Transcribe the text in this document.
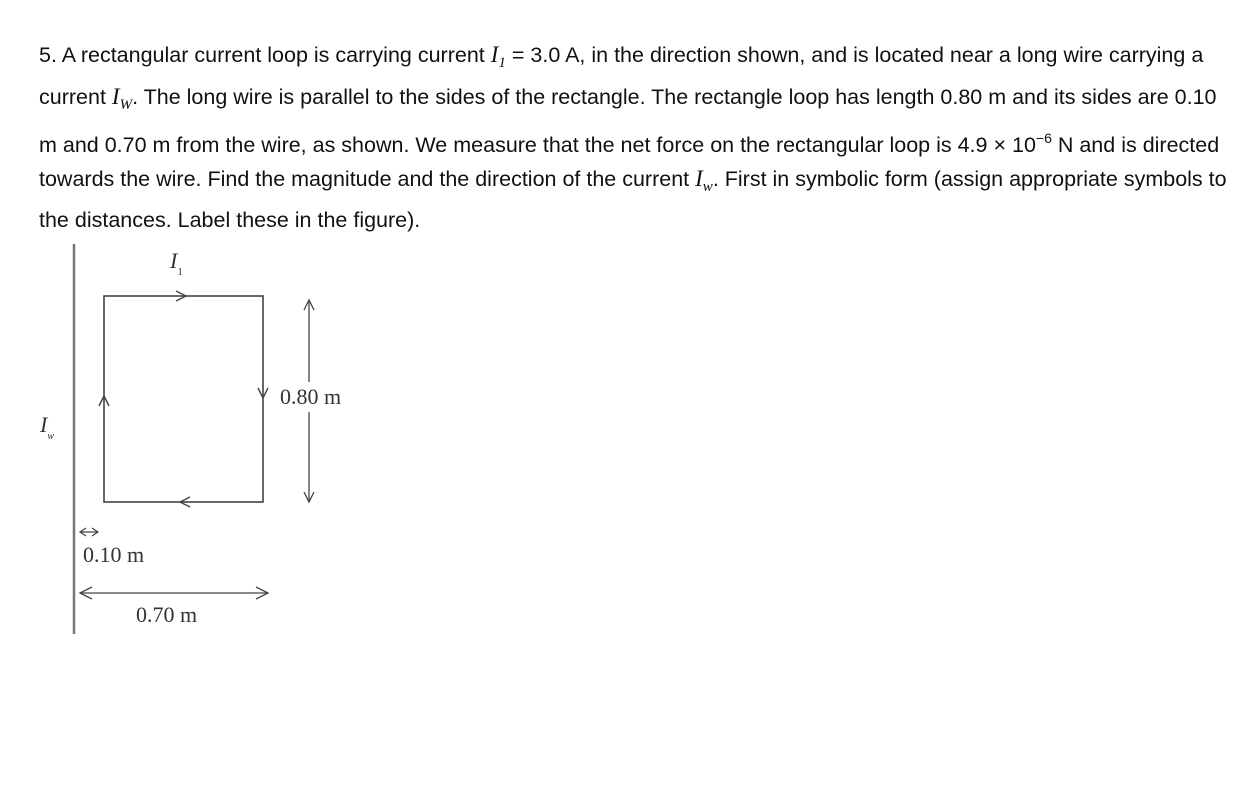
5. A rectangular current loop is carrying current $I_1 = 3.0$ A, in the direction shown, and is located near a long wire carrying a current $I_W$. The long wire is parallel to the sides of the rectangle. The rectangle loop has length 0.80 m and its sides are 0.10 m and 0.70 m from the wire, as shown. We measure that the net force on the rectangular loop is $4.9 \times 10^{-6}$ N and is directed towards the wire. Find the magnitude and the direction of the current $I_w$. First in symbolic form (assign appropriate symbols to the distances. Label these in the figure).

$I_1$
$I_w$
0.80 m
0.10 m
0.70 m
